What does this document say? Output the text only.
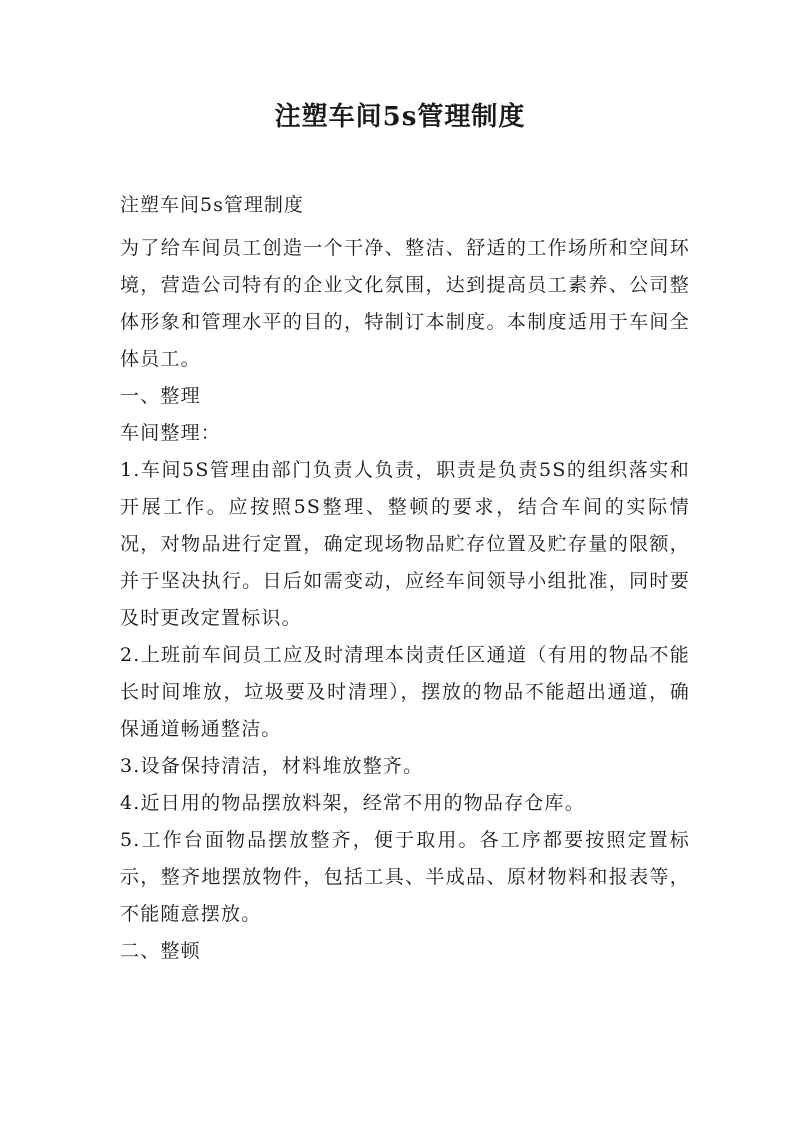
注塑车间5s管理制度
注塑车间5s管理制度

为了给车间员工创造一个干净、整洁、舒适的工作场所和空间环境，营造公司特有的企业文化氛围，达到提高员工素养、公司整体形象和管理水平的目的，特制订本制度。本制度适用于车间全体员工。

一、整理

车间整理：

1.车间5S管理由部门负责人负责，职责是负责5S的组织落实和开展工作。应按照5S整理、整顿的要求，结合车间的实际情况，对物品进行定置，确定现场物品贮存位置及贮存量的限额，并于坚决执行。日后如需变动，应经车间领导小组批准，同时要及时更改定置标识。

2.上班前车间员工应及时清理本岗责任区通道（有用的物品不能长时间堆放，垃圾要及时清理），摆放的物品不能超出通道，确保通道畅通整洁。

3.设备保持清洁，材料堆放整齐。

4.近日用的物品摆放料架，经常不用的物品存仓库。

5.工作台面物品摆放整齐，便于取用。各工序都要按照定置标示，整齐地摆放物件，包括工具、半成品、原材物料和报表等，不能随意摆放。

二、整顿
